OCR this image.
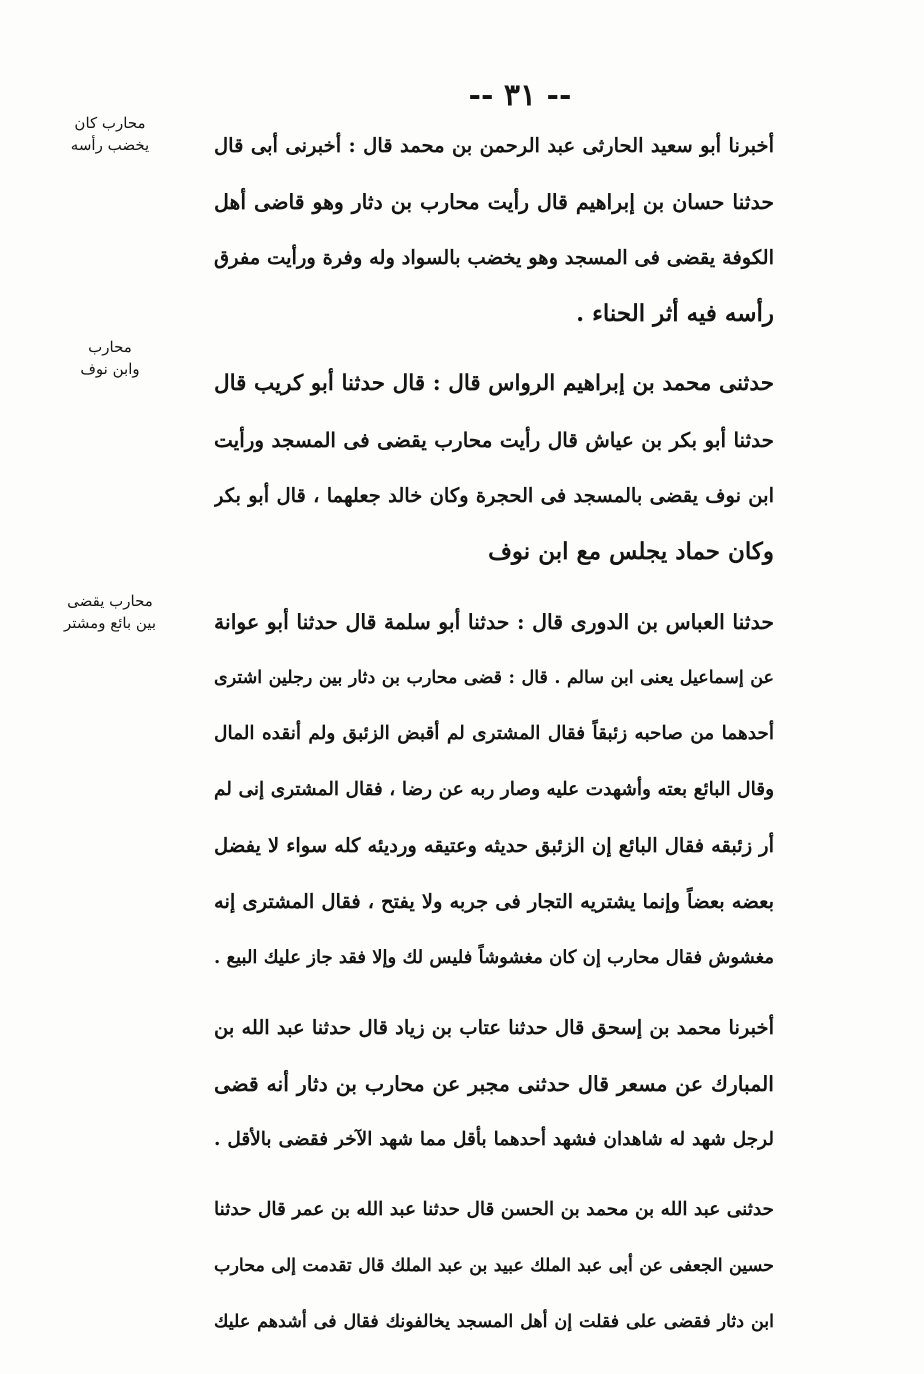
-- ٣١ --
محارب كان
يخضب رأسه
محارب
وابن نوف
محارب يقضى
بين بائع ومشتر
أخبرنا أبو سعيد الحارثى عبد الرحمن بن محمد قال : أخبرنى أبى قال
حدثنا حسان بن إبراهيم قال رأيت محارب بن دثار وهو قاضى أهل
الكوفة يقضى فى المسجد وهو يخضب بالسواد وله وفرة ورأيت مفرق
رأسه فيه أثر الحناء .
حدثنى محمد بن إبراهيم الرواس قال : قال حدثنا أبو كريب قال
حدثنا أبو بكر بن عياش قال رأيت محارب يقضى فى المسجد ورأيت
ابن نوف يقضى بالمسجد فى الحجرة وكان خالد جعلهما ، قال أبو بكر
وكان حماد يجلس مع ابن نوف
حدثنا العباس بن الدورى قال : حدثنا أبو سلمة قال حدثنا أبو عوانة
عن إسماعيل يعنى ابن سالم . قال : قضى محارب بن دثار بين رجلين اشترى
أحدهما من صاحبه زئبقاً فقال المشترى لم أقبض الزئبق ولم أنقده المال
وقال البائع بعته وأشهدت عليه وصار ربه عن رضا ، فقال المشترى إنى لم
أر زئبقه فقال البائع إن الزئبق حديثه وعتيقه ورديئه كله سواء لا يفضل
بعضه بعضاً وإنما يشتريه التجار فى جربه ولا يفتح ، فقال المشترى إنه
مغشوش فقال محارب إن كان مغشوشاً فليس لك وإلا فقد جاز عليك البيع .
أخبرنا محمد بن إسحق قال حدثنا عتاب بن زياد قال حدثنا عبد الله بن
المبارك عن مسعر قال حدثنى مجبر عن محارب بن دثار أنه قضى
لرجل شهد له شاهدان فشهد أحدهما بأقل مما شهد الآخر فقضى بالأقل .
حدثنى عبد الله بن محمد بن الحسن قال حدثنا عبد الله بن عمر قال حدثنا
حسين الجعفى عن أبى عبد الملك عبيد بن عبد الملك قال تقدمت إلى محارب
ابن دثار فقضى على فقلت إن أهل المسجد يخالفونك فقال فى أشدهم عليك
